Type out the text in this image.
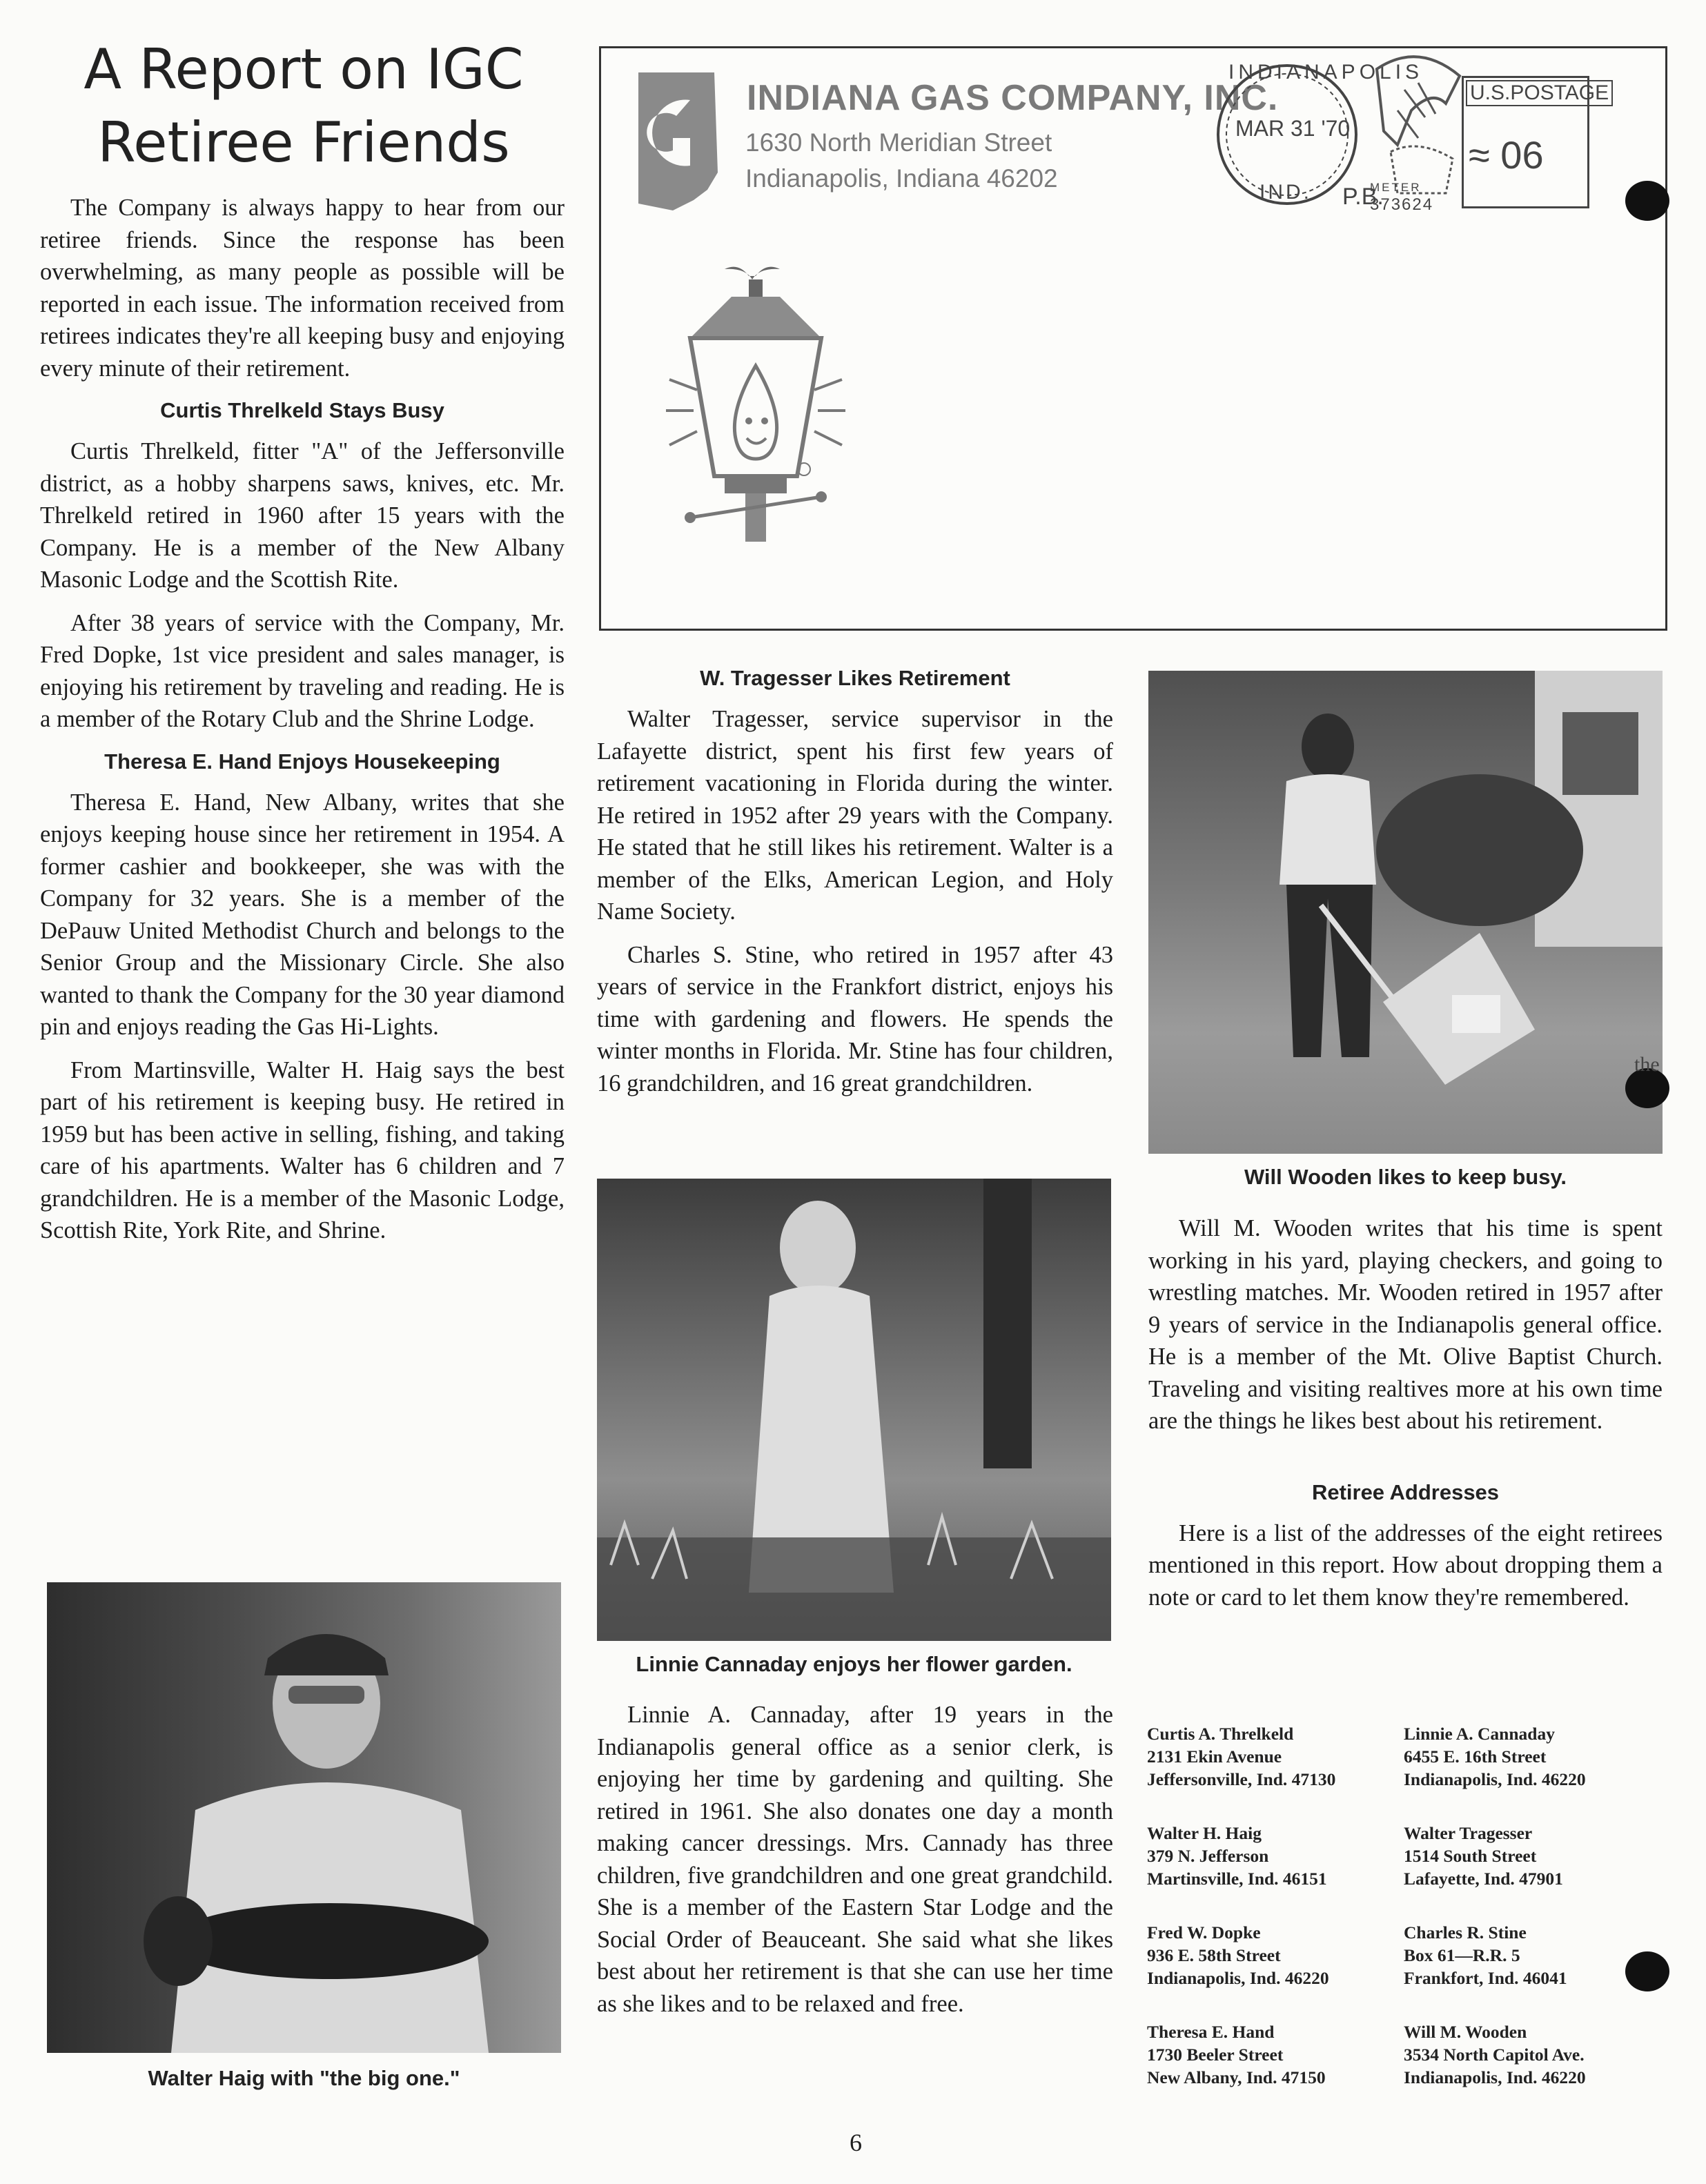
A Report on IGC
Retiree Friends

The Company is always happy to hear from our retiree friends. Since the response has been overwhelming, as many people as possible will be reported in each issue. The information received from retirees indicates they're all keeping busy and enjoying every minute of their retirement.

Curtis Threlkeld Stays Busy

Curtis Threlkeld, fitter "A" of the Jeffersonville district, as a hobby sharpens saws, knives, etc. Mr. Threlkeld retired in 1960 after 15 years with the Company. He is a member of the New Albany Masonic Lodge and the Scottish Rite.

After 38 years of service with the Company, Mr. Fred Dopke, 1st vice president and sales manager, is enjoying his retirement by traveling and reading. He is a member of the Rotary Club and the Shrine Lodge.

Theresa E. Hand Enjoys Housekeeping

Theresa E. Hand, New Albany, writes that she enjoys keeping house since her retirement in 1954. A former cashier and bookkeeper, she was with the Company for 32 years. She is a member of the DePauw United Methodist Church and belongs to the Senior Group and the Missionary Circle. She also wanted to thank the Company for the 30 year diamond pin and enjoys reading the Gas Hi-Lights.

From Martinsville, Walter H. Haig says the best part of his retirement is keeping busy. He retired in 1959 but has been active in selling, fishing, and taking care of his apartments. Walter has 6 children and 7 grandchildren. He is a member of the Masonic Lodge, Scottish Rite, York Rite, and Shrine.

Walter Haig with "the big one."

INDIANA GAS COMPANY, INC.

1630 North Meridian Street

Indianapolis, Indiana 46202

INDIANAPOLIS
MAR 31 '70
IND. P.B.
METER
373624
U.S.POSTAGE
≈ 06
W. Tragesser Likes Retirement

Walter Tragesser, service supervisor in the Lafayette district, spent his first few years of retirement vacationing in Florida during the winter. He retired in 1952 after 29 years with the Company. He stated that he still likes his retirement. Walter is a member of the Elks, American Legion, and Holy Name Society.

Charles S. Stine, who retired in 1957 after 43 years of service in the Frankfort district, enjoys his time with gardening and flowers. He spends the winter months in Florida. Mr. Stine has four children, 16 grandchildren, and 16 great grandchildren.

Linnie Cannaday enjoys her flower garden.

Linnie A. Cannaday, after 19 years in the Indianapolis general office as a senior clerk, is enjoying her time by gardening and quilting. She retired in 1961. She also donates one day a month making cancer dressings. Mrs. Cannady has three children, five grandchildren and one great grandchild. She is a member of the Eastern Star Lodge and the Social Order of Beauceant. She said what she likes best about her retirement is that she can use her time as she likes and to be relaxed and free.

Will Wooden likes to keep busy.

Will M. Wooden writes that his time is spent working in his yard, playing checkers, and going to wrestling matches. Mr. Wooden retired in 1957 after 9 years of service in the Indianapolis general office. He is a member of the Mt. Olive Baptist Church. Traveling and visiting realtives more at his own time are the things he likes best about his retirement.

Retiree Addresses

Here is a list of the addresses of the eight retirees mentioned in this report. How about dropping them a note or card to let them know they're remembered.

Curtis A. Threlkeld
2131 Ekin Avenue
Jeffersonville, Ind. 47130
Linnie A. Cannaday
6455 E. 16th Street
Indianapolis, Ind. 46220
Walter H. Haig
379 N. Jefferson
Martinsville, Ind. 46151
Walter Tragesser
1514 South Street
Lafayette, Ind. 47901
Fred W. Dopke
936 E. 58th Street
Indianapolis, Ind. 46220
Charles R. Stine
Box 61—R.R. 5
Frankfort, Ind. 46041
Theresa E. Hand
1730 Beeler Street
New Albany, Ind. 47150
Will M. Wooden
3534 North Capitol Ave.
Indianapolis, Ind. 46220
the

6
